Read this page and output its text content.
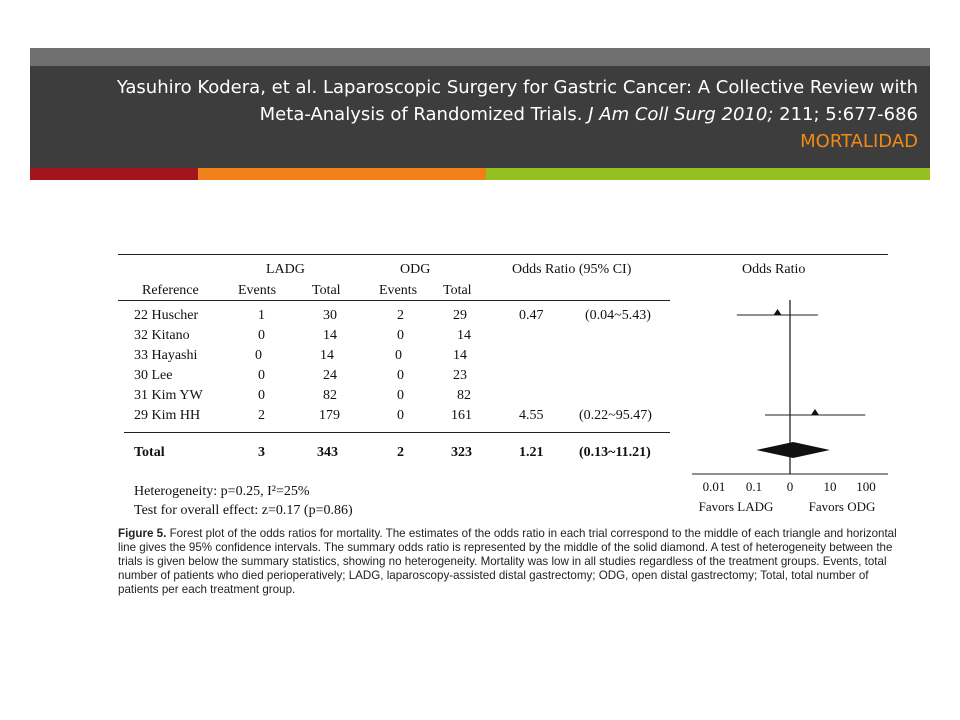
Yasuhiro Kodera, et al. Laparoscopic Surgery for Gastric Cancer: A Collective Review with
Meta-Analysis of Randomized Trials. J Am Coll Surg 2010; 211; 5:677-686
MORTALIDAD
LADG	ODG	Odds Ratio (95% CI)	Odds Ratio
Reference	Events	Total	Events Total
22 Huscher	1	30	2	29	0.47	(0.04~5.43)
32 Kitano	0	14	0	14
33 Hayashi	0	14	0	14
30 Lee	0	24	0	23
31 Kim YW	0	82	0	82
29 Kim HH	2	179	0	161	4.55	(0.22~95.47)
Total	3	343	2	323	1.21	(0.13~11.21)
Heterogeneity: p=0.25, I²=25%
Test for overall effect: z=0.17 (p=0.86)
0.01 0.1 0 10 100
Favors LADG	Favors ODG
Figure 5. Forest plot of the odds ratios for mortality. The estimates of the odds ratio in each trial correspond to the middle of each triangle and horizontal line gives the 95% confidence intervals. The summary odds ratio is represented by the middle of the solid diamond. A test of heterogeneity between the trials is given below the summary statistics, showing no heterogeneity. Mortality was low in all studies regardless of the treatment groups. Events, total number of patients who died perioperatively; LADG, laparoscopy-assisted distal gastrectomy; ODG, open distal gastrectomy; Total, total number of patients per each treatment group.
